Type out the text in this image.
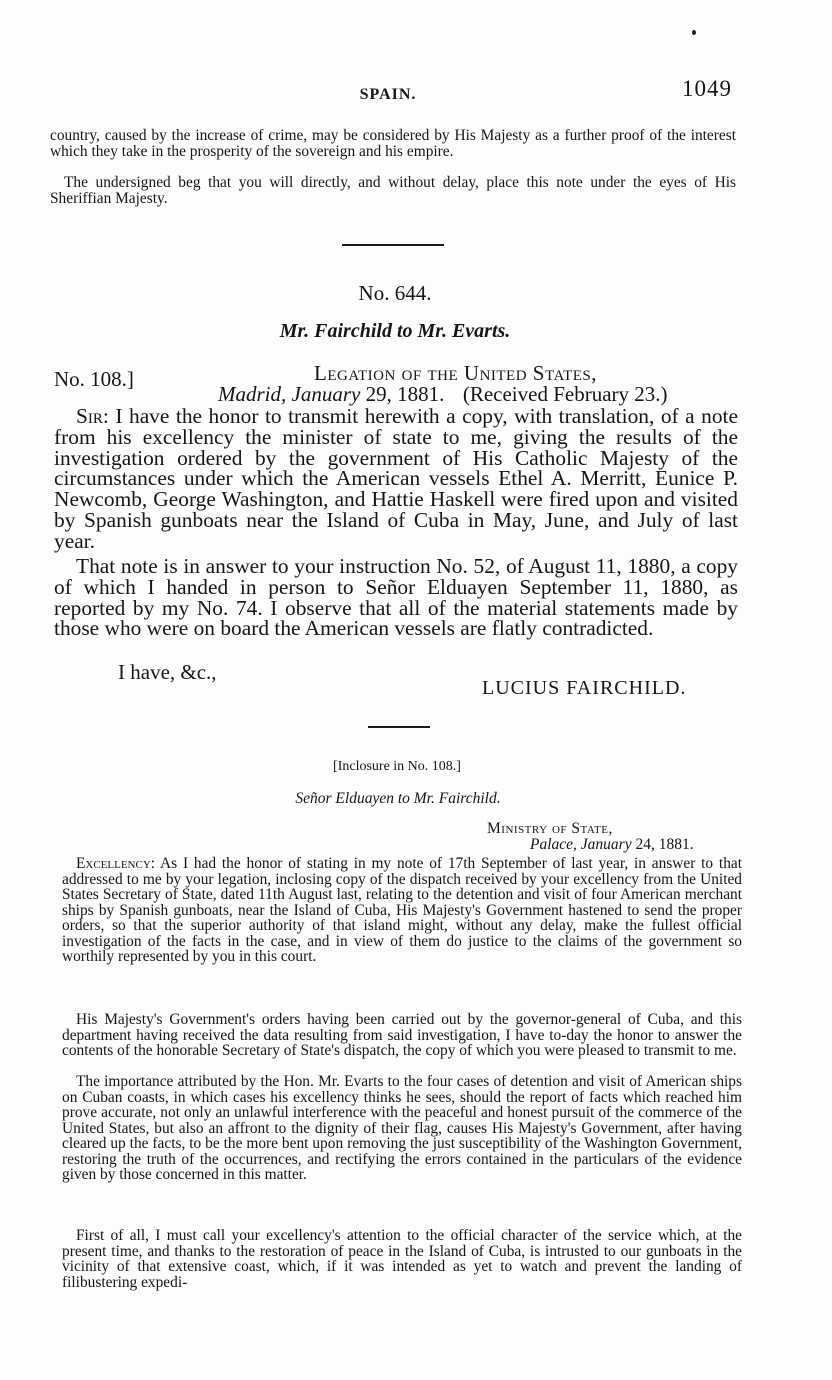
SPAIN.	1049

country, caused by the increase of crime, may be considered by His Majesty as a further proof of the interest which they take in the prosperity of the sovereign and his empire.

The undersigned beg that you will directly, and without delay, place this note under the eyes of His Sheriffian Majesty.

No. 644.

Mr. Fairchild to Mr. Evarts.

No. 108.]	Legation of the United States,

Madrid, January 29, 1881. (Received February 23.)

Sir: I have the honor to transmit herewith a copy, with translation, of a note from his excellency the minister of state to me, giving the results of the investigation ordered by the government of His Catholic Majesty of the circumstances under which the American vessels Ethel A. Merritt, Eunice P. Newcomb, George Washington, and Hattie Haskell were fired upon and visited by Spanish gunboats near the Island of Cuba in May, June, and July of last year.

That note is in answer to your instruction No. 52, of August 11, 1880, a copy of which I handed in person to Señor Elduayen September 11, 1880, as reported by my No. 74. I observe that all of the material statements made by those who were on board the American vessels are flatly contradicted.

I have, &c.,

LUCIUS FAIRCHILD.

[Inclosure in No. 108.]

Señor Elduayen to Mr. Fairchild.

Ministry of State,

Palace, January 24, 1881.

Excellency: As I had the honor of stating in my note of 17th September of last year, in answer to that addressed to me by your legation, inclosing copy of the dispatch received by your excellency from the United States Secretary of State, dated 11th August last, relating to the detention and visit of four American merchant ships by Spanish gunboats, near the Island of Cuba, His Majesty's Government hastened to send the proper orders, so that the superior authority of that island might, without any delay, make the fullest official investigation of the facts in the case, and in view of them do justice to the claims of the government so worthily represented by you in this court.

His Majesty's Government's orders having been carried out by the governor-general of Cuba, and this department having received the data resulting from said investigation, I have to-day the honor to answer the contents of the honorable Secretary of State's dispatch, the copy of which you were pleased to transmit to me.

The importance attributed by the Hon. Mr. Evarts to the four cases of detention and visit of American ships on Cuban coasts, in which cases his excellency thinks he sees, should the report of facts which reached him prove accurate, not only an unlawful interference with the peaceful and honest pursuit of the commerce of the United States, but also an affront to the dignity of their flag, causes His Majesty's Government, after having cleared up the facts, to be the more bent upon removing the just susceptibility of the Washington Government, restoring the truth of the occurrences, and rectifying the errors contained in the particulars of the evidence given by those concerned in this matter.

First of all, I must call your excellency's attention to the official character of the service which, at the present time, and thanks to the restoration of peace in the Island of Cuba, is intrusted to our gunboats in the vicinity of that extensive coast, which, if it was intended as yet to watch and prevent the landing of filibustering expedi-
